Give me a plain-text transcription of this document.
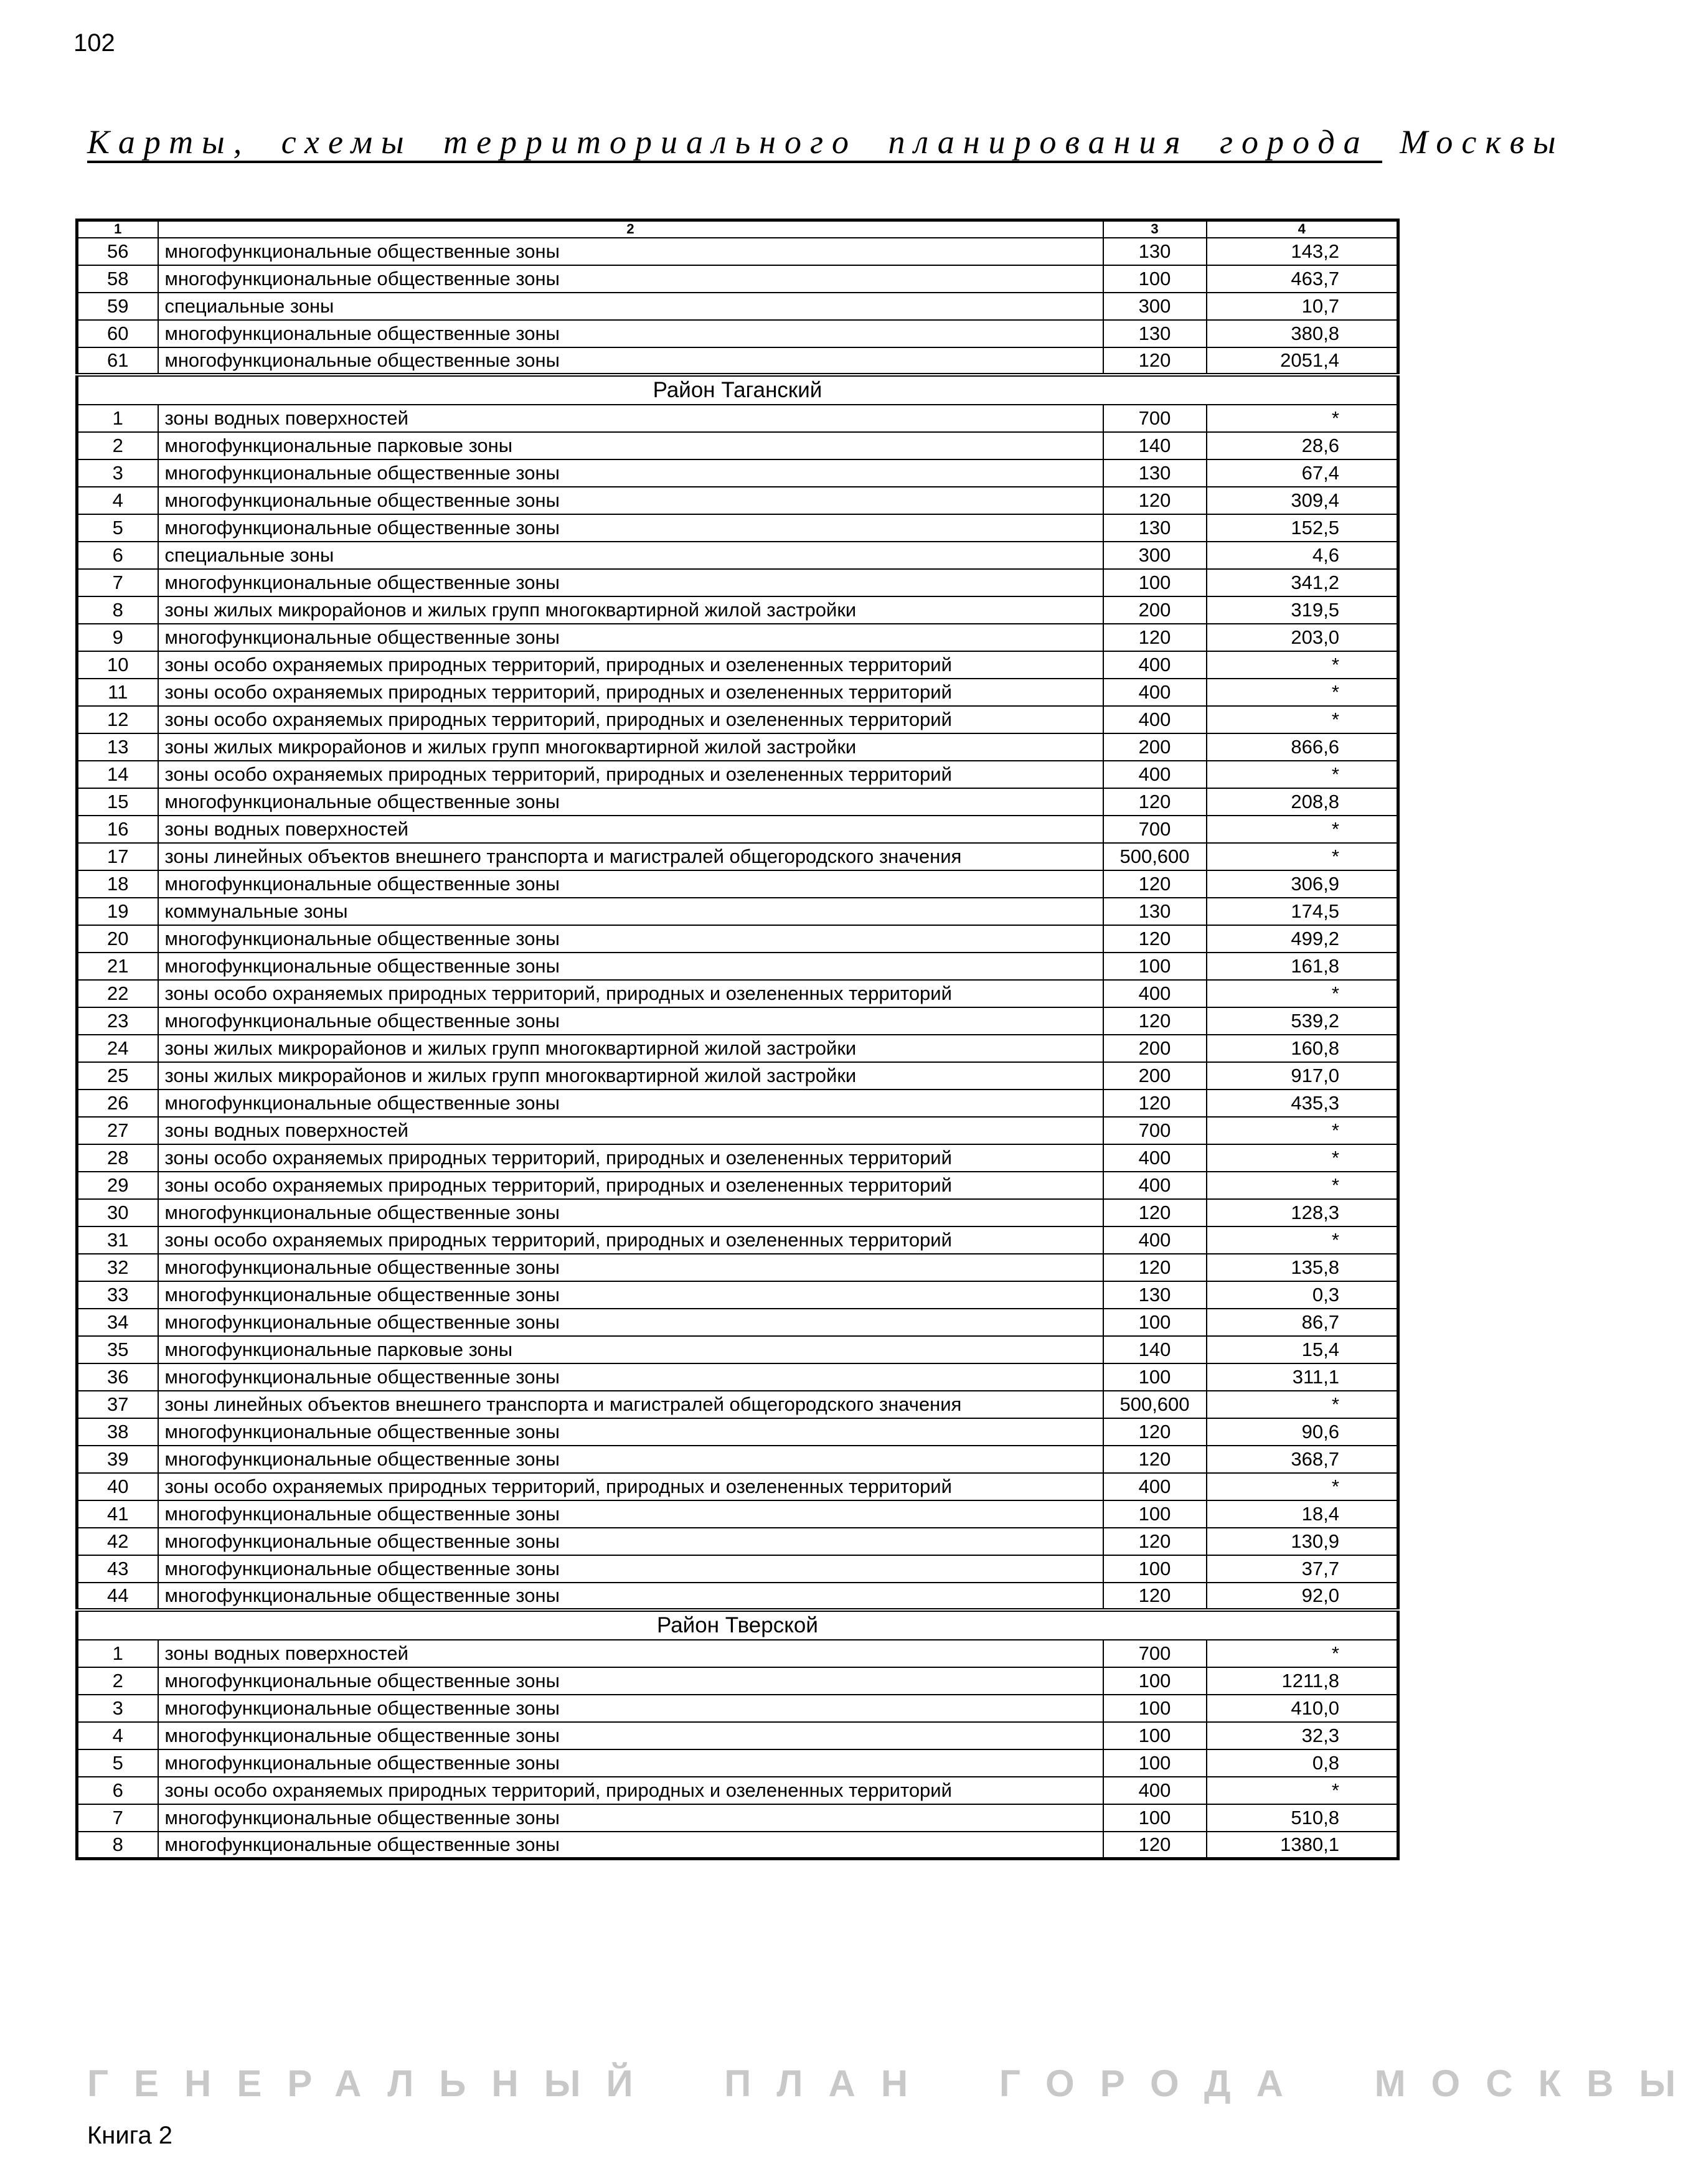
102
Карты, схемы территориального планирования города Москвы
1	2	3	4
56	многофункциональные общественные зоны	130	143,2
58	многофункциональные общественные зоны	100	463,7
59	специальные зоны	300	10,7
60	многофункциональные общественные зоны	130	380,8
61	многофункциональные общественные зоны	120	2051,4
Район Таганский			
1	зоны водных поверхностей	700	*
2	многофункциональные парковые зоны	140	28,6
3	многофункциональные общественные зоны	130	67,4
4	многофункциональные общественные зоны	120	309,4
5	многофункциональные общественные зоны	130	152,5
6	специальные зоны	300	4,6
7	многофункциональные общественные зоны	100	341,2
8	зоны жилых микрорайонов и жилых групп многоквартирной жилой застройки	200	319,5
9	многофункциональные общественные зоны	120	203,0
10	зоны особо охраняемых природных территорий, природных и озелененных территорий	400	*
11	зоны особо охраняемых природных территорий, природных и озелененных территорий	400	*
12	зоны особо охраняемых природных территорий, природных и озелененных территорий	400	*
13	зоны жилых микрорайонов и жилых групп многоквартирной жилой застройки	200	866,6
14	зоны особо охраняемых природных территорий, природных и озелененных территорий	400	*
15	многофункциональные общественные зоны	120	208,8
16	зоны водных поверхностей	700	*
17	зоны линейных объектов внешнего транспорта и магистралей общегородского значения	500,600	*
18	многофункциональные общественные зоны	120	306,9
19	коммунальные зоны	130	174,5
20	многофункциональные общественные зоны	120	499,2
21	многофункциональные общественные зоны	100	161,8
22	зоны особо охраняемых природных территорий, природных и озелененных территорий	400	*
23	многофункциональные общественные зоны	120	539,2
24	зоны жилых микрорайонов и жилых групп многоквартирной жилой застройки	200	160,8
25	зоны жилых микрорайонов и жилых групп многоквартирной жилой застройки	200	917,0
26	многофункциональные общественные зоны	120	435,3
27	зоны водных поверхностей	700	*
28	зоны особо охраняемых природных территорий, природных и озелененных территорий	400	*
29	зоны особо охраняемых природных территорий, природных и озелененных территорий	400	*
30	многофункциональные общественные зоны	120	128,3
31	зоны особо охраняемых природных территорий, природных и озелененных территорий	400	*
32	многофункциональные общественные зоны	120	135,8
33	многофункциональные общественные зоны	130	0,3
34	многофункциональные общественные зоны	100	86,7
35	многофункциональные парковые зоны	140	15,4
36	многофункциональные общественные зоны	100	311,1
37	зоны линейных объектов внешнего транспорта и магистралей общегородского значения	500,600	*
38	многофункциональные общественные зоны	120	90,6
39	многофункциональные общественные зоны	120	368,7
40	зоны особо охраняемых природных территорий, природных и озелененных территорий	400	*
41	многофункциональные общественные зоны	100	18,4
42	многофункциональные общественные зоны	120	130,9
43	многофункциональные общественные зоны	100	37,7
44	многофункциональные общественные зоны	120	92,0
Район Тверской			
1	зоны водных поверхностей	700	*
2	многофункциональные общественные зоны	100	1211,8
3	многофункциональные общественные зоны	100	410,0
4	многофункциональные общественные зоны	100	32,3
5	многофункциональные общественные зоны	100	0,8
6	зоны особо охраняемых природных территорий, природных и озелененных территорий	400	*
7	многофункциональные общественные зоны	100	510,8
8	многофункциональные общественные зоны	120	1380,1
ГЕНЕРАЛЬНЫЙ ПЛАН ГОРОДА МОСКВЫ
Книга 2
